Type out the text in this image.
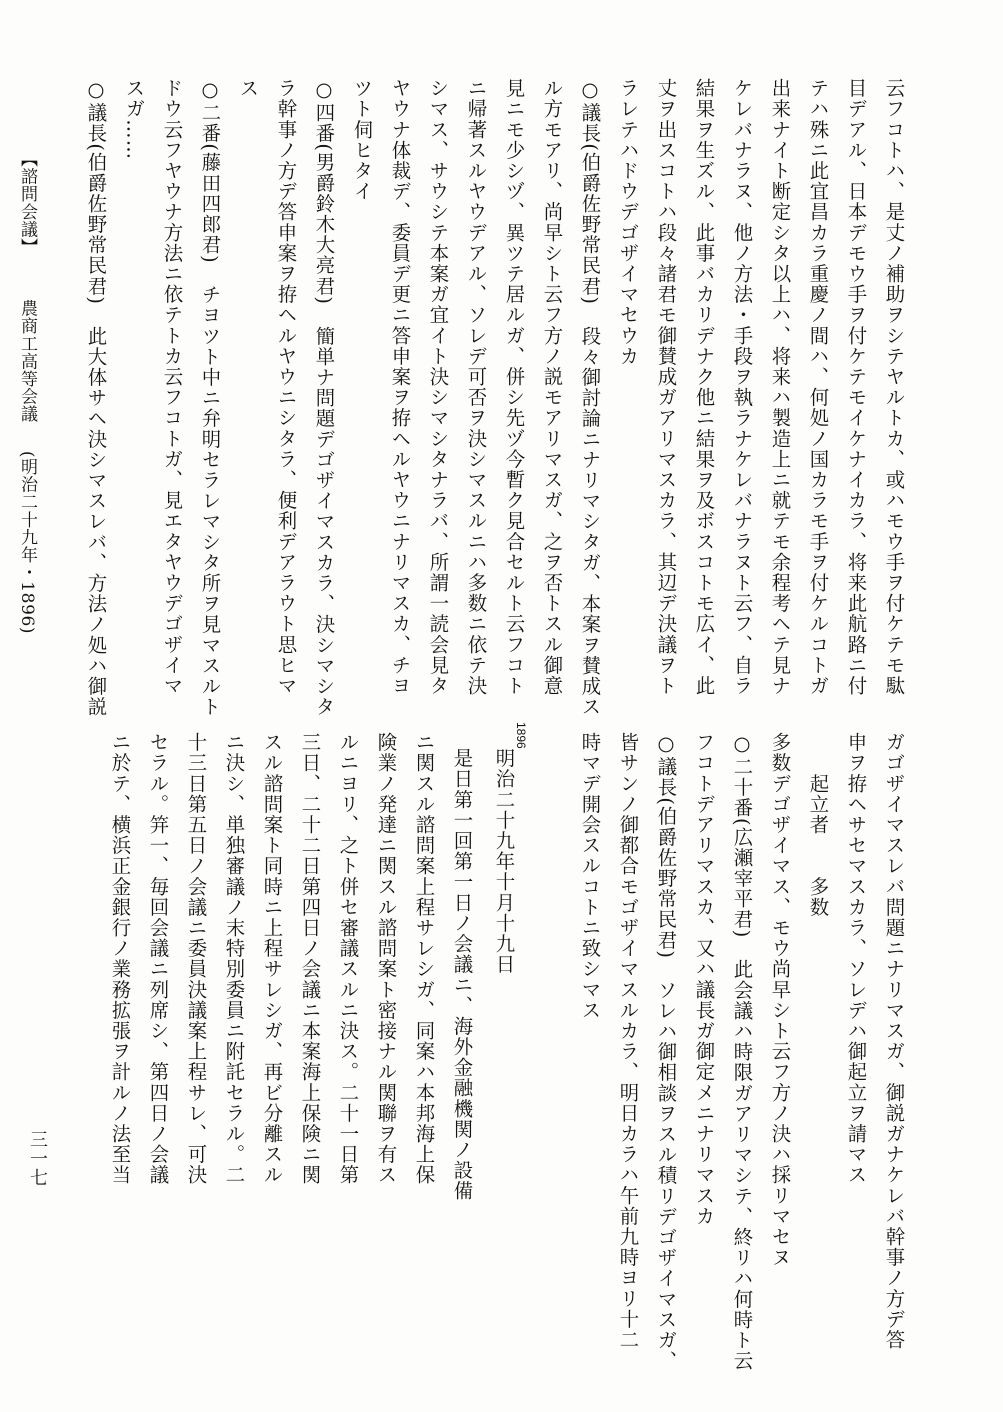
云フコトハ、是丈ノ補助ヲシテヤルトカ、或ハモウ手ヲ付ケテモ駄
目デアル、日本デモウ手ヲ付ケテモイケナイカラ、将来此航路ニ付
テハ殊ニ此宜昌カラ重慶ノ間ハ、何処ノ国カラモ手ヲ付ケルコトガ
出来ナイト断定シタ以上ハ、将来ハ製造上ニ就テモ余程考ヘテ見ナ
ケレバナラヌ、他ノ方法・手段ヲ執ラナケレバナラヌト云フ、自ラ
結果ヲ生ズル、此事バカリデナク他ニ結果ヲ及ボスコトモ広イ、此
丈ヲ出スコトハ段々諸君モ御賛成ガアリマスカラ、其辺デ決議ヲト
ラレテハドウデゴザイマセウカ
○議長(伯爵佐野常民君)　段々御討論ニナリマシタガ、本案ヲ賛成ス
ル方モアリ、尚早シト云フ方ノ説モアリマスガ、之ヲ否トスル御意
見ニモ少シヅ、異ツテ居ルガ、併シ先ヅ今暫ク見合セルト云フコト
ニ帰著スルヤウデアル、ソレデ可否ヲ決シマスルニハ多数ニ依テ決
シマス、サウシテ本案ガ宜イト決シマシタナラバ、所謂一読会見タ
ヤウナ体裁デ、委員デ更ニ答申案ヲ拵ヘルヤウニナリマスカ、チヨ
ツト伺ヒタイ
○四番(男爵鈴木大亮君)　簡単ナ問題デゴザイマスカラ、決シマシタ
ラ幹事ノ方デ答申案ヲ拵ヘルヤウニシタラ、便利デアラウト思ヒマ
ス
○二番(藤田四郎君)　チヨツト中ニ弁明セラレマシタ所ヲ見マスルト
ドウ云フヤウナ方法ニ依テトカ云フコトガ、見エタヤウデゴザイマ
スガ……
○議長(伯爵佐野常民君)　此大体サヘ決シマスレバ、方法ノ処ハ御説
【諮問会議】農商工高等会議(明治二十九年・1896)
ガゴザイマスレバ問題ニナリマスガ、御説ガナケレバ幹事ノ方デ答
申ヲ拵ヘサセマスカラ、ソレデハ御起立ヲ請マス
　　起立者　　多数
多数デゴザイマス、モウ尚早シト云フ方ノ決ハ採リマセヌ
○二十番(広瀬宰平君)　此会議ハ時限ガアリマシテ、終リハ何時ト云
フコトデアリマスカ、又ハ議長ガ御定メニナリマスカ
○議長(伯爵佐野常民君)　ソレハ御相談ヲスル積リデゴザイマスガ、
皆サンノ御都合モゴザイマスルカラ、明日カラハ午前九時ヨリ十二
時マデ開会スルコトニ致シマス
1896
明治二十九年十月十九日
是日第一回第一日ノ会議ニ、海外金融機関ノ設備
ニ関スル諮問案上程サレシガ、同案ハ本邦海上保
険業ノ発達ニ関スル諮問案ト密接ナル関聯ヲ有ス
ルニヨリ、之ト併セ審議スルニ決ス。二十一日第
三日、二十二日第四日ノ会議ニ本案海上保険ニ関
スル諮問案ト同時ニ上程サレシガ、再ビ分離スル
ニ決シ、単独審議ノ末特別委員ニ附託セラル。二
十三日第五日ノ会議ニ委員決議案上程サレ、可決
セラル。笄一、毎回会議ニ列席シ、第四日ノ会議
ニ於テ、横浜正金銀行ノ業務拡張ヲ計ルノ法至当
三一七
